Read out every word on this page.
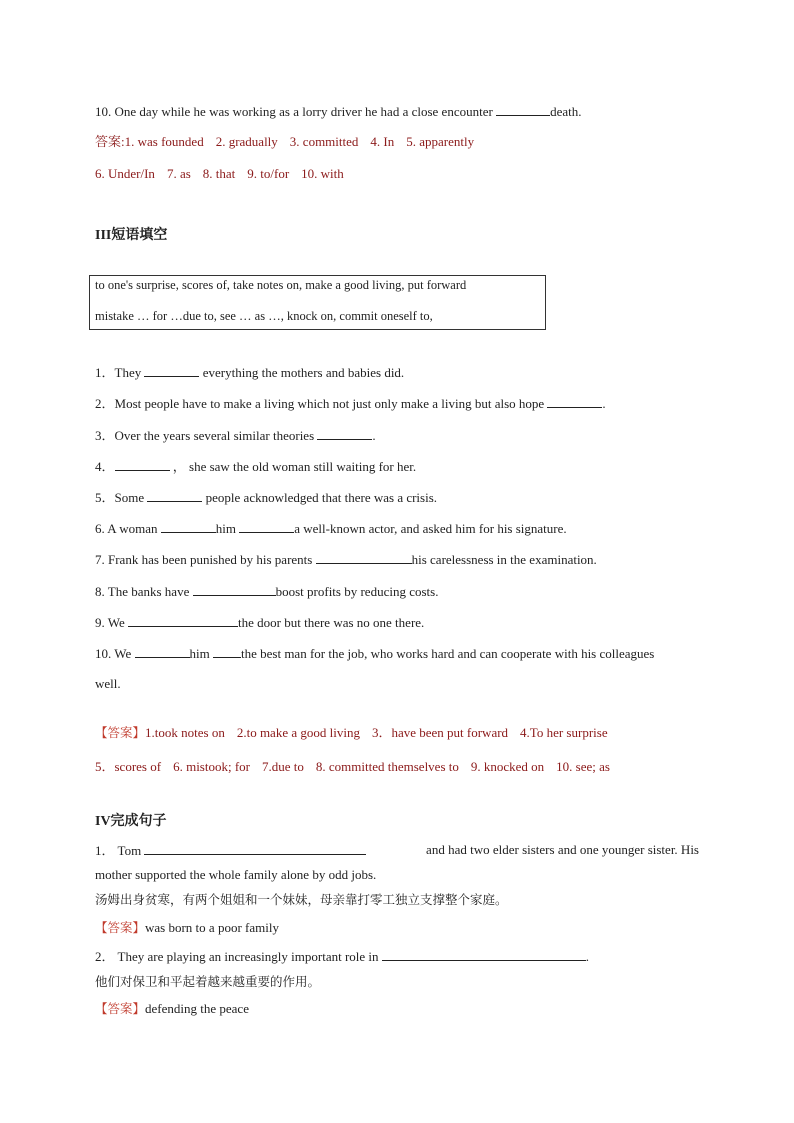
10. One day while he was working as a lorry driver he had a close encounter	death.
答案:1. was founded 2. gradually 3. committed 4. In 5. apparently
6. Under/In 7. as 8. that 9. to/for 10. with
III短语填空
to one's surprise, scores of, take notes on, make a good living, put forward
mistake … for …due to, see … as …, knock on, commit oneself to,
1．They	everything the mothers and babies did.
2．Most people have to make a living which not just only make a living but also hope	.
3．Over the years several similar theories	.
4．	， she saw the old woman still waiting for her.
5．Some	people acknowledged that there was a crisis.
6. A woman	him	a well-known actor, and asked him for his signature.
7. Frank has been punished by his parents	his carelessness in the examination.
8. The banks have	boost profits by reducing costs.
9. We	the door but there was no one there.
10. We	him the best man for the job, who works hard and can cooperate with his colleagues
well.
【答案】1.took notes on 2.to make a good living 3．have been put forward 4.To her surprise
5．scores of 6. mistook; for 7.due to 8. committed themselves to 9. knocked on 10. see; as
IV完成句子
1． Tom	and had two elder sisters and one younger sister. His
mother supported the whole family alone by odd jobs.
汤姆出身贫寒，有两个姐姐和一个妹妹，母亲靠打零工独立支撑整个家庭。
【答案】was born to a poor family
2． They are playing an increasingly important role in	.
他们对保卫和平起着越来越重要的作用。
【答案】defending the peace
